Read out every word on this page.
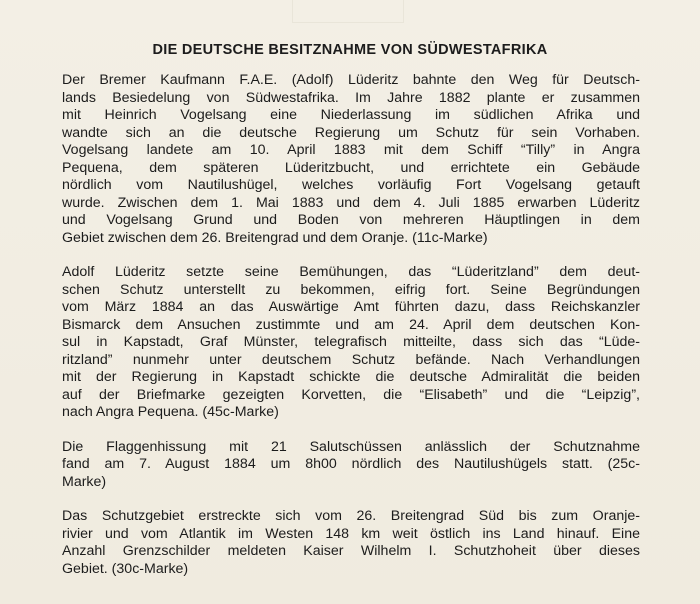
DIE DEUTSCHE BESITZNAHME VON SÜDWESTAFRIKA
Der Bremer Kaufmann F.A.E. (Adolf) Lüderitz bahnte den Weg für Deutsch-
lands Besiedelung von Südwestafrika. Im Jahre 1882 plante er zusammen
mit Heinrich Vogelsang eine Niederlassung im südlichen Afrika und
wandte sich an die deutsche Regierung um Schutz für sein Vorhaben.
Vogelsang landete am 10. April 1883 mit dem Schiff “Tilly” in Angra
Pequena, dem späteren Lüderitzbucht, und errichtete ein Gebäude
nördlich vom Nautilushügel, welches vorläufig Fort Vogelsang getauft
wurde. Zwischen dem 1. Mai 1883 und dem 4. Juli 1885 erwarben Lüderitz
und Vogelsang Grund und Boden von mehreren Häuptlingen in dem
Gebiet zwischen dem 26. Breitengrad und dem Oranje. (11c-Marke)
Adolf Lüderitz setzte seine Bemühungen, das “Lüderitzland” dem deut-
schen Schutz unterstellt zu bekommen, eifrig fort. Seine Begründungen
vom März 1884 an das Auswärtige Amt führten dazu, dass Reichskanzler
Bismarck dem Ansuchen zustimmte und am 24. April dem deutschen Kon-
sul in Kapstadt, Graf Münster, telegrafisch mitteilte, dass sich das “Lüde-
ritzland” nunmehr unter deutschem Schutz befände. Nach Verhandlungen
mit der Regierung in Kapstadt schickte die deutsche Admiralität die beiden
auf der Briefmarke gezeigten Korvetten, die “Elisabeth” und die “Leipzig”,
nach Angra Pequena. (45c-Marke)
Die Flaggenhissung mit 21 Salutschüssen anlässlich der Schutznahme
fand am 7. August 1884 um 8h00 nördlich des Nautilushügels statt. (25c-
Marke)
Das Schutzgebiet erstreckte sich vom 26. Breitengrad Süd bis zum Oranje-
rivier und vom Atlantik im Westen 148 km weit östlich ins Land hinauf. Eine
Anzahl Grenzschilder meldeten Kaiser Wilhelm I. Schutzhoheit über dieses
Gebiet. (30c-Marke)
